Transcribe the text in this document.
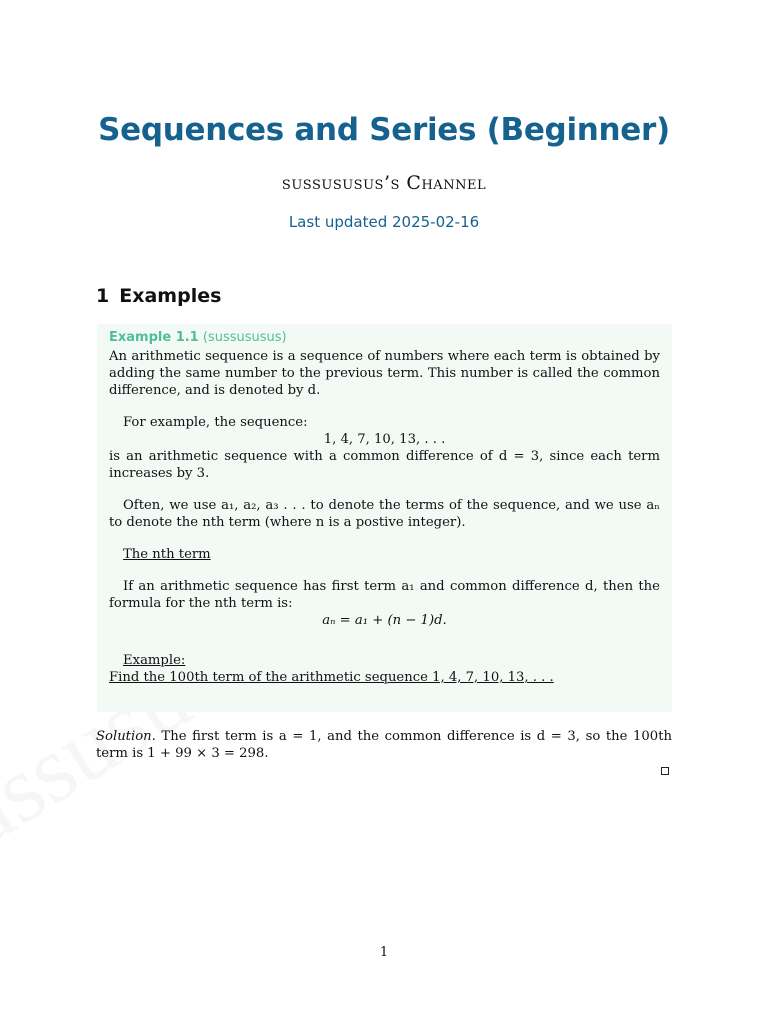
Sequences and Series (Beginner)
sussususus’s Channel
Last updated 2025-02-16
1 Examples
Example 1.1 (sussususus)

An arithmetic sequence is a sequence of numbers where each term is obtained by adding the same number to the previous term. This number is called the common difference, and is denoted by d.

For example, the sequence:

1, 4, 7, 10, 13, . . .

is an arithmetic sequence with a common difference of d = 3, since each term increases by 3.

Often, we use a₁, a₂, a₃ . . . to denote the terms of the sequence, and we use aₙ to denote the nth term (where n is a postive integer).

The nth term

If an arithmetic sequence has first term a₁ and common difference d, then the formula for the nth term is:

aₙ = a₁ + (n − 1)d.

Example:

Find the 100th term of the arithmetic sequence 1, 4, 7, 10, 13, . . .

Solution. The first term is a = 1, and the common difference is d = 3, so the 100th term is 1 + 99 × 3 = 298.

1
